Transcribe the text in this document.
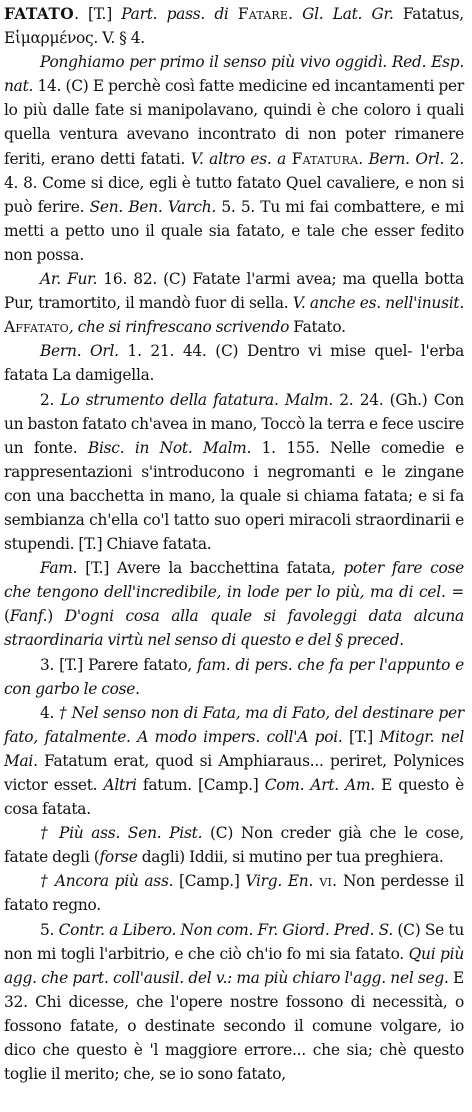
FATATO. [T.] Part. pass. di Fatare. Gl. Lat. Gr. Fatatus, Εἱμαρμένος. V. § 4.

Ponghiamo per primo il senso più vivo oggidì. Red. Esp. nat. 14. (C) E perchè così fatte medicine ed incantamenti per lo più dalle fate si manipolavano, quindi è che coloro i quali quella ventura avevano incontrato di non poter rimanere feriti, erano detti fatati. V. altro es. a Fatatura. Bern. Orl. 2. 4. 8. Come si dice, egli è tutto fatato Quel cavaliere, e non si può ferire. Sen. Ben. Varch. 5. 5. Tu mi fai combattere, e mi metti a petto uno il quale sia fatato, e tale che esser fedito non possa.

Ar. Fur. 16. 82. (C) Fatate l'armi avea; ma quella botta Pur, tramortito, il mandò fuor di sella. V. anche es. nell'inusit. Affatato, che si rinfrescano scrivendo Fatato.

Bern. Orl. 1. 21. 44. (C) Dentro vi mise quel- l'erba fatata La damigella.

2. Lo strumento della fatatura. Malm. 2. 24. (Gh.) Con un baston fatato ch'avea in mano, Toccò la terra e fece uscire un fonte. Bisc. in Not. Malm. 1. 155. Nelle comedie e rappresentazioni s'introducono i negromanti e le zingane con una bacchetta in mano, la quale si chiama fatata; e si fa sembianza ch'ella co'l tatto suo operi miracoli straordinarii e stupendi. [T.] Chiave fatata.

Fam. [T.] Avere la bacchettina fatata, poter fare cose che tengono dell'incredibile, in lode per lo più, ma di cel. = (Fanf.) D'ogni cosa alla quale si favoleggi data alcuna straordinaria virtù nel senso di questo e del § preced.

3. [T.] Parere fatato, fam. di pers. che fa per l'appunto e con garbo le cose.

4. † Nel senso non di Fata, ma di Fato, del destinare per fato, fatalmente. A modo impers. coll'A poi. [T.] Mitogr. nel Mai. Fatatum erat, quod si Amphiaraus... periret, Polynices victor esset. Altri fatum. [Camp.] Com. Art. Am. E questo è cosa fatata.

† Più ass. Sen. Pist. (C) Non creder già che le cose, fatate degli (forse dagli) Iddii, si mutino per tua preghiera.

† Ancora più ass. [Camp.] Virg. En. vi. Non perdesse il fatato regno.

5. Contr. a Libero. Non com. Fr. Giord. Pred. S. (C) Se tu non mi togli l'arbitrio, e che ciò ch'io fo mi sia fatato. Qui più agg. che part. coll'ausil. del v.: ma più chiaro l'agg. nel seg. E 32. Chi dicesse, che l'opere nostre fossono di necessità, o fossono fatate, o destinate secondo il comune volgare, io dico che questo è 'l maggiore errore... che sia; chè questo toglie il merito; che, se io sono fatato,
